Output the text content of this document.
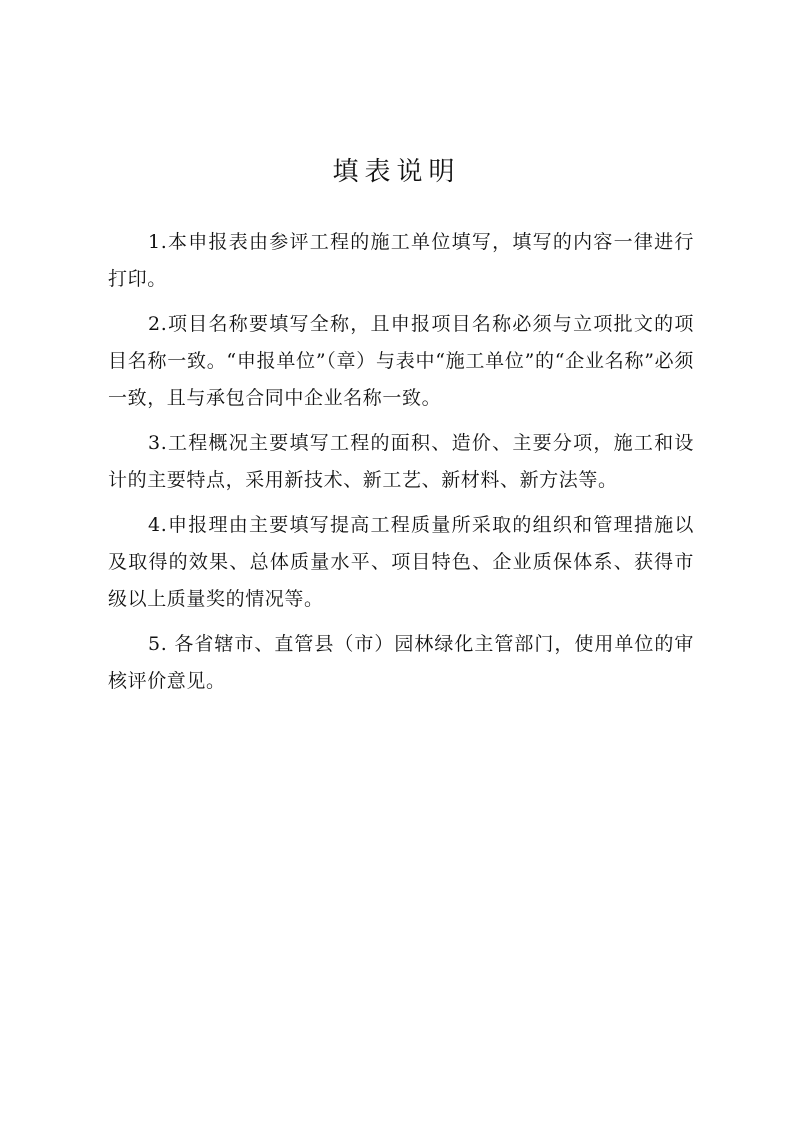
填表说明

1.本申报表由参评工程的施工单位填写，填写的内容一律进行打印。

2.项目名称要填写全称，且申报项目名称必须与立项批文的项目名称一致。“申报单位”（章）与表中“施工单位”的“企业名称”必须一致，且与承包合同中企业名称一致。

3.工程概况主要填写工程的面积、造价、主要分项，施工和设计的主要特点，采用新技术、新工艺、新材料、新方法等。

4.申报理由主要填写提高工程质量所采取的组织和管理措施以及取得的效果、总体质量水平、项目特色、企业质保体系、获得市级以上质量奖的情况等。

5. 各省辖市、直管县（市）园林绿化主管部门，使用单位的审核评价意见。
